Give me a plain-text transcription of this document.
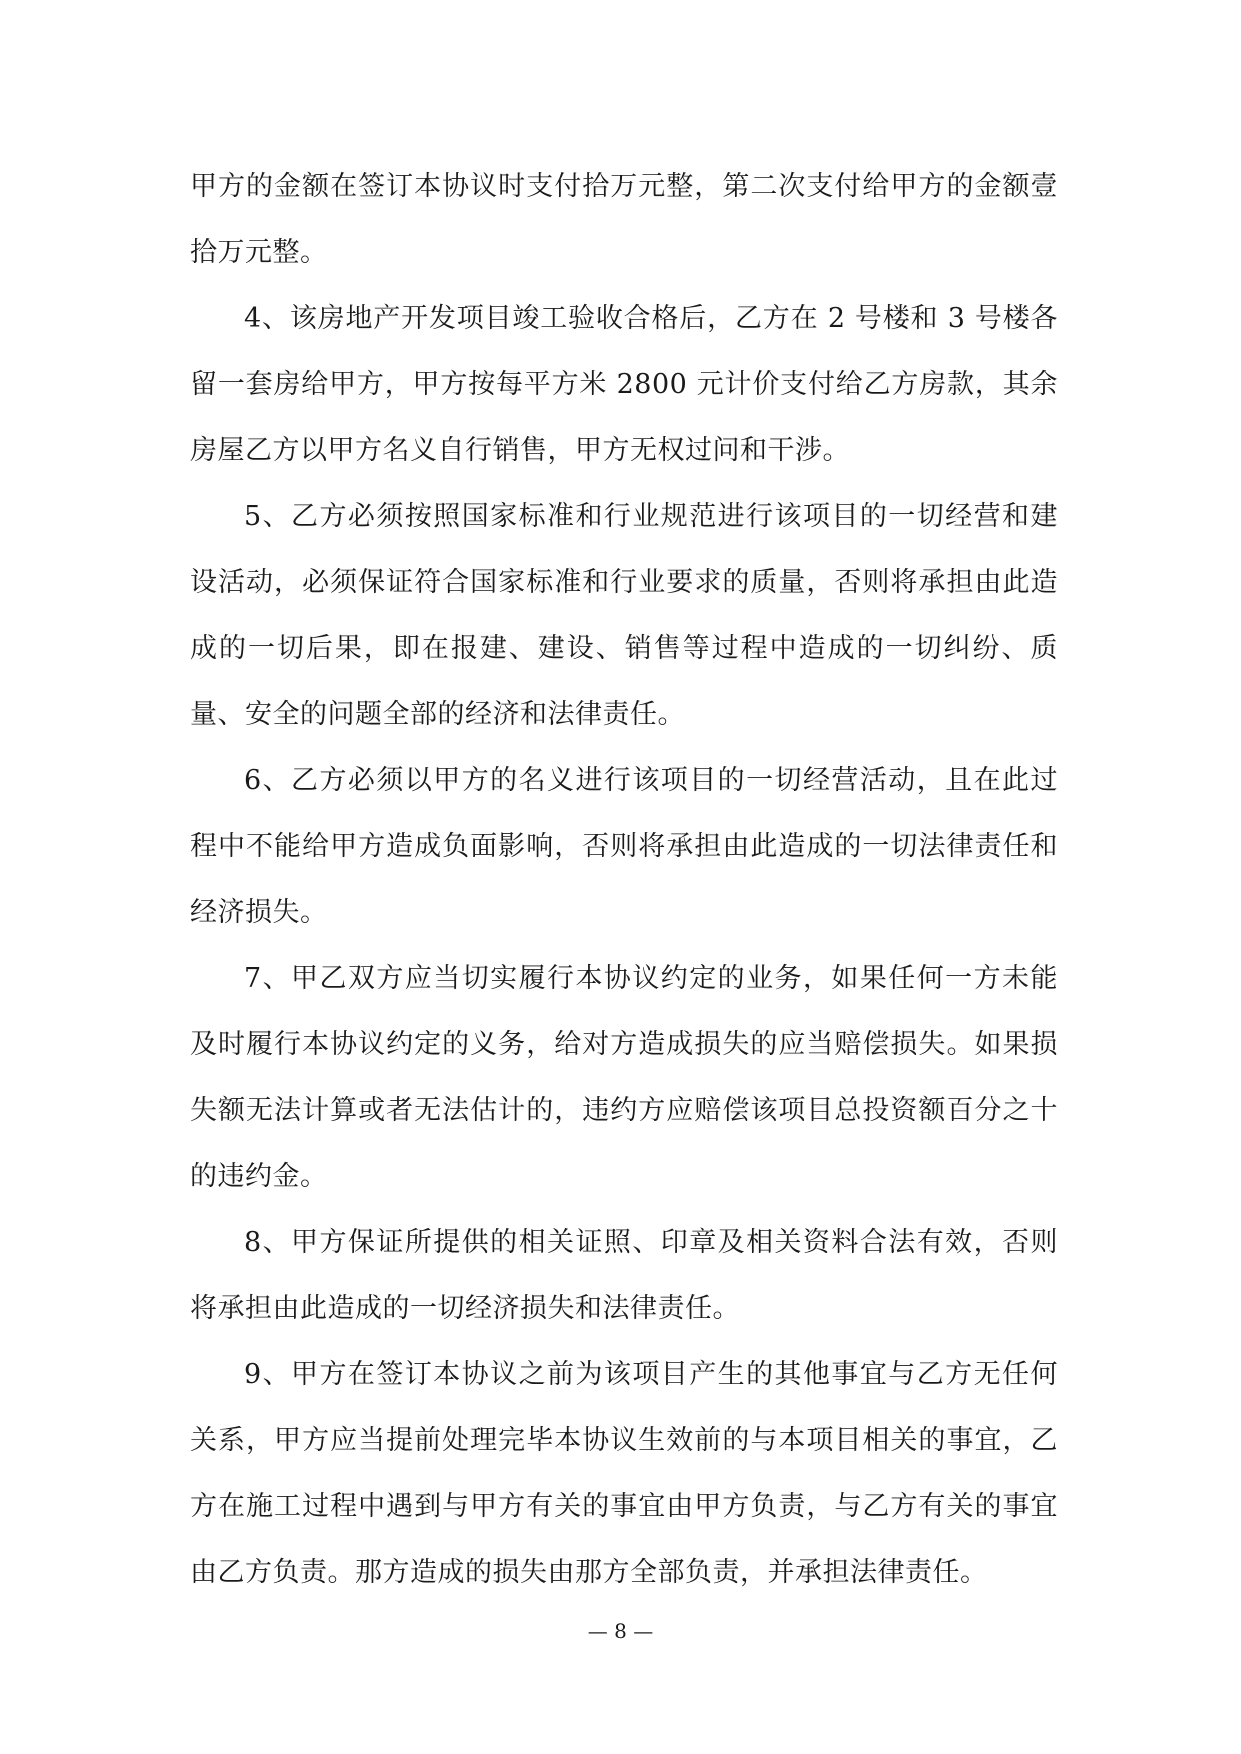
甲方的金额在签订本协议时支付拾万元整，第二次支付给甲方的金额壹拾万元整。

4、该房地产开发项目竣工验收合格后，乙方在 2 号楼和 3 号楼各留一套房给甲方，甲方按每平方米 2800 元计价支付给乙方房款，其余房屋乙方以甲方名义自行销售，甲方无权过问和干涉。

5、乙方必须按照国家标准和行业规范进行该项目的一切经营和建设活动，必须保证符合国家标准和行业要求的质量，否则将承担由此造成的一切后果，即在报建、建设、销售等过程中造成的一切纠纷、质量、安全的问题全部的经济和法律责任。

6、乙方必须以甲方的名义进行该项目的一切经营活动，且在此过程中不能给甲方造成负面影响，否则将承担由此造成的一切法律责任和经济损失。

7、甲乙双方应当切实履行本协议约定的业务，如果任何一方未能及时履行本协议约定的义务，给对方造成损失的应当赔偿损失。如果损失额无法计算或者无法估计的，违约方应赔偿该项目总投资额百分之十的违约金。

8、甲方保证所提供的相关证照、印章及相关资料合法有效，否则将承担由此造成的一切经济损失和法律责任。

9、甲方在签订本协议之前为该项目产生的其他事宜与乙方无任何关系，甲方应当提前处理完毕本协议生效前的与本项目相关的事宜，乙方在施工过程中遇到与甲方有关的事宜由甲方负责，与乙方有关的事宜由乙方负责。那方造成的损失由那方全部负责，并承担法律责任。

— 8 —
